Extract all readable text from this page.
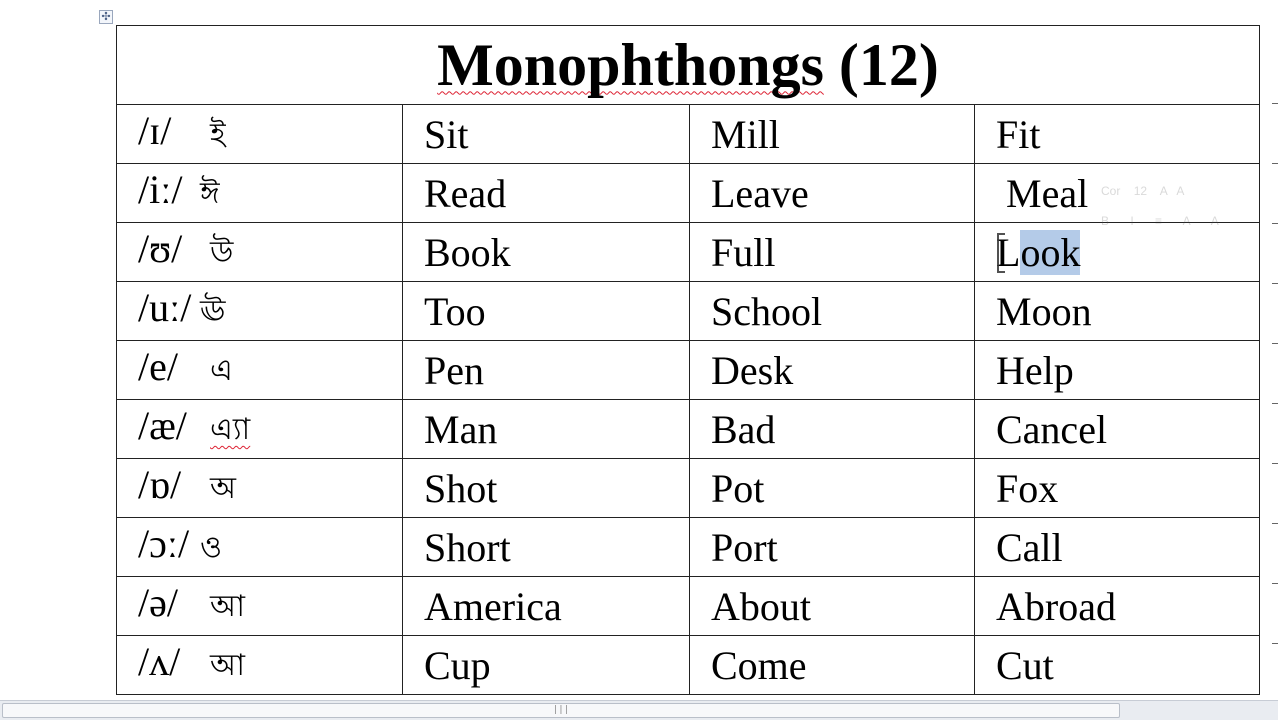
✣
Monophthongs (12)			
/ɪ/ ই	Sit	Mill	Fit
/iː/ ঈ	Read	Leave	Meal
/ʊ/ উ	Book	Full	Look
/uː/ ঊ	Too	School	Moon
/e/ এ	Pen	Desk	Help
/æ/ এ্যা	Man	Bad	Cancel
/ɒ/ অ	Shot	Pot	Fox
/ɔː/ ও	Short	Port	Call
/ə/ আ	America	About	Abroad
/ʌ/ আ	Cup	Come	Cut
Cor 12 A A
B I ≡ A A
|||
